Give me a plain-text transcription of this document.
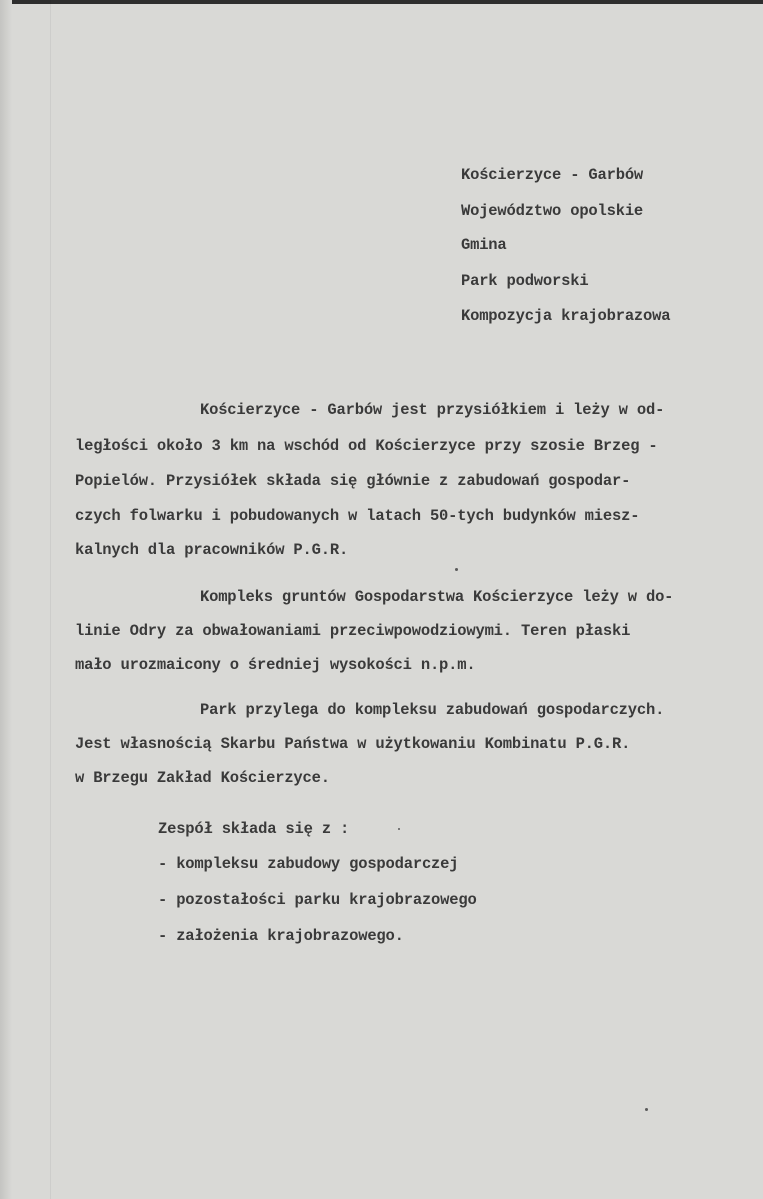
Kościerzyce - Garbów
Województwo opolskie
Gmina
Park podworski
Kompozycja krajobrazowa
Kościerzyce - Garbów jest przysiółkiem i leży w od-
ległości około 3 km na wschód od Kościerzyce przy szosie Brzeg -
Popielów. Przysiółek składa się głównie z zabudowań gospodar-
czych folwarku i pobudowanych w latach 50-tych budynków miesz-
kalnych dla pracowników P.G.R.
Kompleks gruntów Gospodarstwa Kościerzyce leży w do-
linie Odry za obwałowaniami przeciwpowodziowymi. Teren płaski
mało urozmaicony o średniej wysokości n.p.m.
Park przylega do kompleksu zabudowań gospodarczych.
Jest własnością Skarbu Państwa w użytkowaniu Kombinatu P.G.R.
w Brzegu Zakład Kościerzyce.
Zespół składa się z :
- kompleksu zabudowy gospodarczej
- pozostałości parku krajobrazowego
- założenia krajobrazowego.
